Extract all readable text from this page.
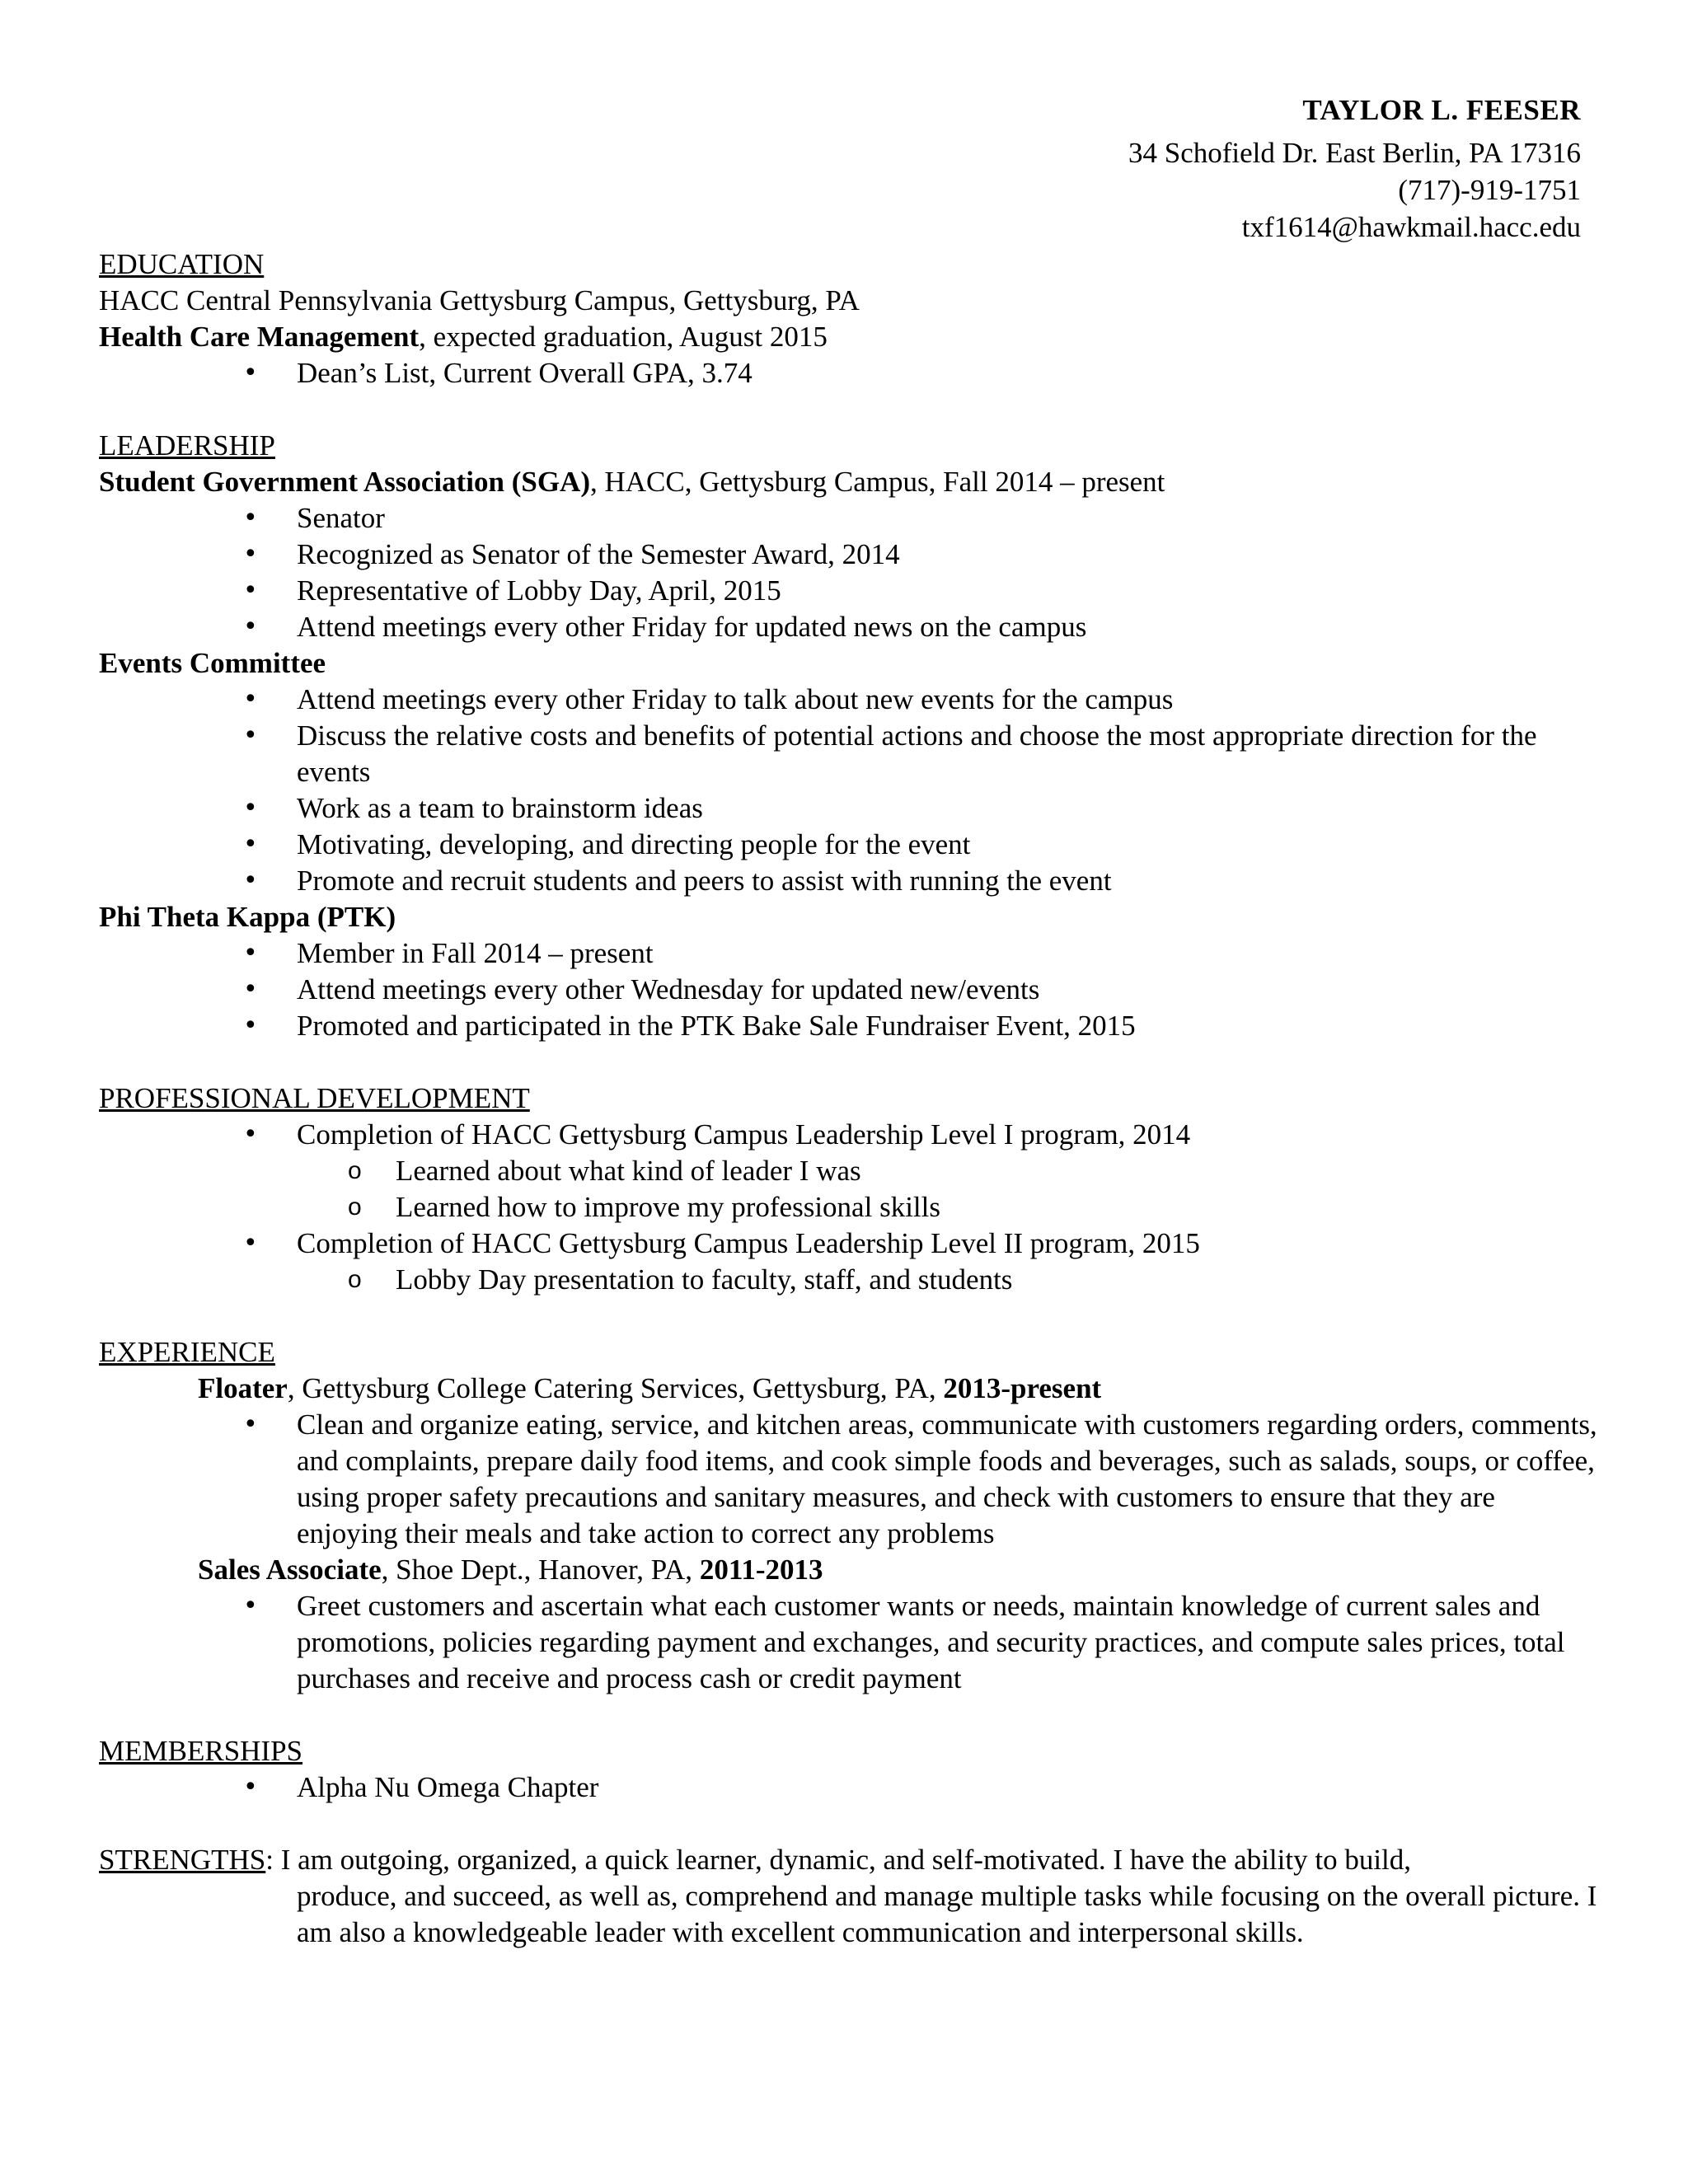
TAYLOR L. FEESER
34 Schofield Dr. East Berlin, PA 17316
(717)-919-1751
txf1614@hawkmail.hacc.edu
EDUCATION
HACC Central Pennsylvania Gettysburg Campus, Gettysburg, PA
Health Care Management, expected graduation, August 2015
• Dean’s List, Current Overall GPA, 3.74
LEADERSHIP
Student Government Association (SGA), HACC, Gettysburg Campus, Fall 2014 – present
• Senator
• Recognized as Senator of the Semester Award, 2014
• Representative of Lobby Day, April, 2015
• Attend meetings every other Friday for updated news on the campus
Events Committee
• Attend meetings every other Friday to talk about new events for the campus
• Discuss the relative costs and benefits of potential actions and choose the most appropriate direction for the events
• Work as a team to brainstorm ideas
• Motivating, developing, and directing people for the event
• Promote and recruit students and peers to assist with running the event
Phi Theta Kappa (PTK)
• Member in Fall 2014 – present
• Attend meetings every other Wednesday for updated new/events
• Promoted and participated in the PTK Bake Sale Fundraiser Event, 2015
PROFESSIONAL DEVELOPMENT
• Completion of HACC Gettysburg Campus Leadership Level I program, 2014
o Learned about what kind of leader I was
o Learned how to improve my professional skills
• Completion of HACC Gettysburg Campus Leadership Level II program, 2015
o Lobby Day presentation to faculty, staff, and students
EXPERIENCE
Floater, Gettysburg College Catering Services, Gettysburg, PA, 2013-present
• Clean and organize eating, service, and kitchen areas, communicate with customers regarding orders, comments, and complaints, prepare daily food items, and cook simple foods and beverages, such as salads, soups, or coffee, using proper safety precautions and sanitary measures, and check with customers to ensure that they are enjoying their meals and take action to correct any problems
Sales Associate, Shoe Dept., Hanover, PA, 2011-2013
• Greet customers and ascertain what each customer wants or needs, maintain knowledge of current sales and promotions, policies regarding payment and exchanges, and security practices, and compute sales prices, total purchases and receive and process cash or credit payment
MEMBERSHIPS
• Alpha Nu Omega Chapter
STRENGTHS: I am outgoing, organized, a quick learner, dynamic, and self-motivated. I have the ability to build,
produce, and succeed, as well as, comprehend and manage multiple tasks while focusing on the overall picture. I am also a knowledgeable leader with excellent communication and interpersonal skills.
